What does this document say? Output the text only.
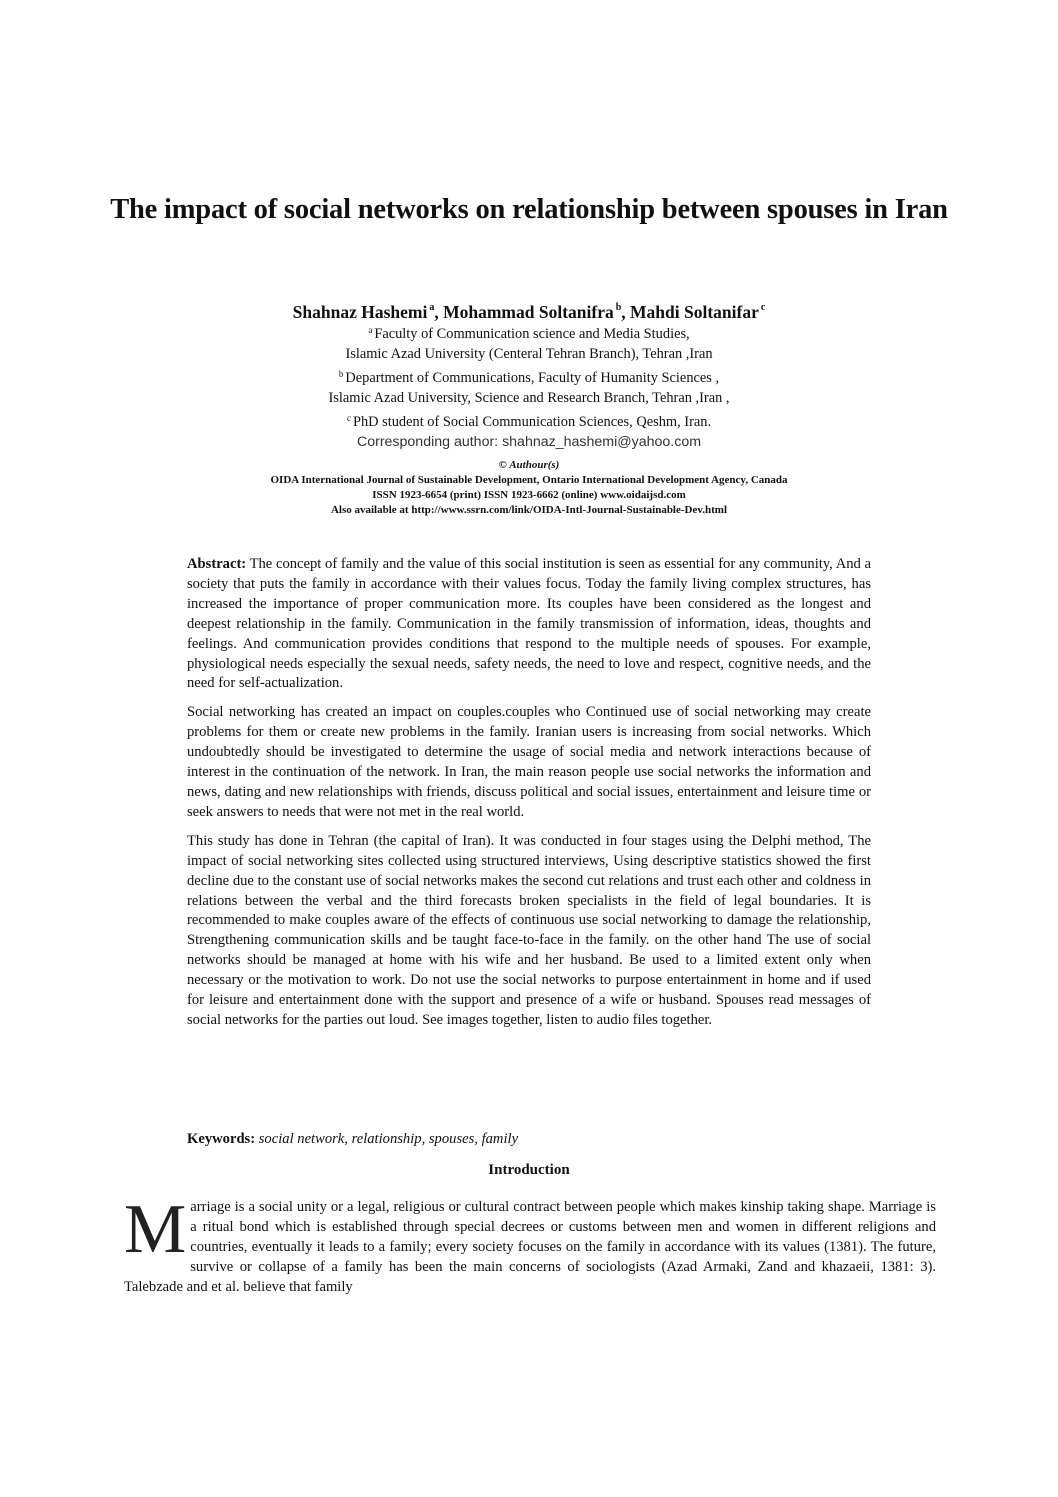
The impact of social networks on relationship between spouses in Iran
Shahnaz Hashemi $^a$, Mohammad Soltanifra $^b$, Mahdi Soltanifar $^c$
$^a$ Faculty of Communication science and Media Studies,
Islamic Azad University (Centeral Tehran Branch), Tehran ,Iran
$^b$ Department of Communications, Faculty of Humanity Sciences ,
Islamic Azad University, Science and Research Branch, Tehran ,Iran ,
$^c$ PhD student of Social Communication Sciences, Qeshm, Iran.
Corresponding author: shahnaz_hashemi@yahoo.com
© Authour(s)
OIDA International Journal of Sustainable Development, Ontario International Development Agency, Canada
ISSN 1923-6654 (print) ISSN 1923-6662 (online) www.oidaijsd.com
Also available at http://www.ssrn.com/link/OIDA-Intl-Journal-Sustainable-Dev.html

Abstract: The concept of family and the value of this social institution is seen as essential for any community, And a society that puts the family in accordance with their values focus. Today the family living complex structures, has increased the importance of proper communication more. Its couples have been considered as the longest and deepest relationship in the family. Communication in the family transmission of information, ideas, thoughts and feelings. And communication provides conditions that respond to the multiple needs of spouses. For example, physiological needs especially the sexual needs, safety needs, the need to love and respect, cognitive needs, and the need for self-actualization.

Social networking has created an impact on couples.couples who Continued use of social networking may create problems for them or create new problems in the family. Iranian users is increasing from social networks. Which undoubtedly should be investigated to determine the usage of social media and network interactions because of interest in the continuation of the network. In Iran, the main reason people use social networks the information and news, dating and new relationships with friends, discuss political and social issues, entertainment and leisure time or seek answers to needs that were not met in the real world.

This study has done in Tehran (the capital of Iran). It was conducted in four stages using the Delphi method, The impact of social networking sites collected using structured interviews, Using descriptive statistics showed the first decline due to the constant use of social networks makes the second cut relations and trust each other and coldness in relations between the verbal and the third forecasts broken specialists in the field of legal boundaries. It is recommended to make couples aware of the effects of continuous use social networking to damage the relationship, Strengthening communication skills and be taught face-to-face in the family. on the other hand The use of social networks should be managed at home with his wife and her husband. Be used to a limited extent only when necessary or the motivation to work. Do not use the social networks to purpose entertainment in home and if used for leisure and entertainment done with the support and presence of a wife or husband. Spouses read messages of social networks for the parties out loud. See images together, listen to audio files together.

Keywords: social network, relationship, spouses, family
Introduction
M arriage is a social unity or a legal, religious or cultural contract between people which makes kinship taking shape. Marriage is a ritual bond which is established through special decrees or customs between men and women in different religions and countries, eventually it leads to a family; every society focuses on the family in accordance with its values (1381). The future, survive or collapse of a family has been the main concerns of sociologists (Azad Armaki, Zand and khazaeii, 1381: 3). Talebzade and et al. believe that family
